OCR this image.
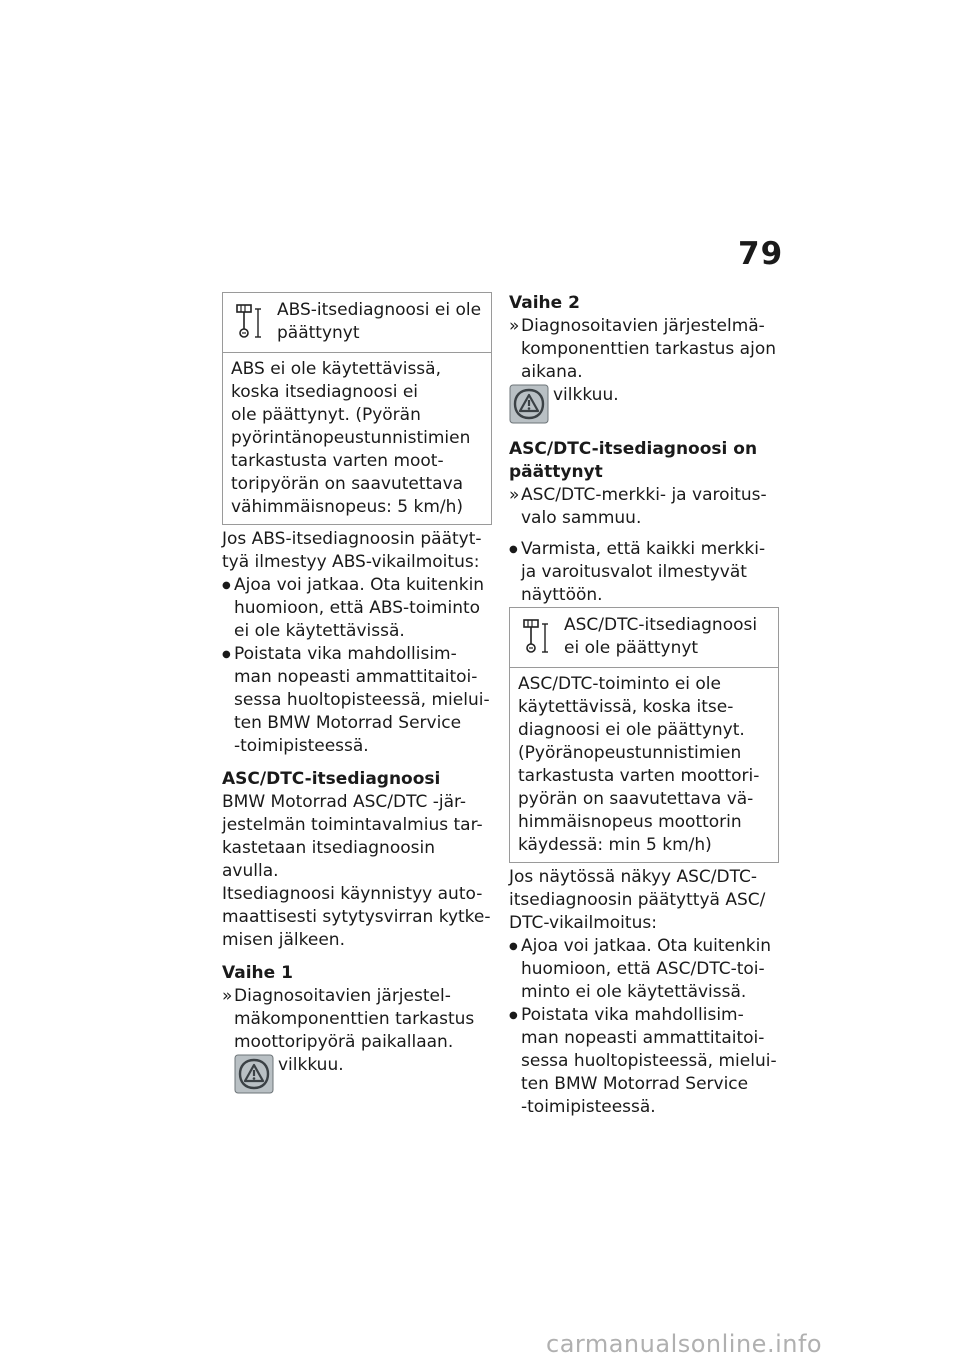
79
ABS-itsediagnoosi ei ole päättynyt
ABS ei ole käytettävissä,
koska itsediagnoosi ei
ole päättynyt. (Pyörän
pyörintänopeustunnistimien
tarkastusta varten moot-
toripyörän on saavutettava
vähimmäisnopeus: 5 km/h)
Jos ABS-itsediagnoosin päätyt-
tyä ilmestyy ABS-vikailmoitus:
● Ajoa voi jatkaa. Ota kuitenkin
huomioon, että ABS-toiminto
ei ole käytettävissä.
● Poistata vika mahdollisim-
man nopeasti ammattitaitoi-
sessa huoltopisteessä, mielui-
ten BMW Motorrad Service
-toimipisteessä.
ASC/DTC-itsediagnoosi
BMW Motorrad ASC/DTC -jär-
jestelmän toimintavalmius tar-
kastetaan itsediagnoosin avulla.
Itsediagnoosi käynnistyy auto-
maattisesti sytytysvirran kytke-
misen jälkeen.
Vaihe 1
» Diagnosoitavien järjestel-
mäkomponenttien tarkastus
moottoripyörä paikallaan.
vilkkuu.
Vaihe 2
» Diagnosoitavien järjestelmä-
komponenttien tarkastus ajon
aikana.
vilkkuu.
ASC/DTC-itsediagnoosi on
päättynyt
» ASC/DTC-merkki- ja varoitus-
valo sammuu.
● Varmista, että kaikki merkki-
ja varoitusvalot ilmestyvät
näyttöön.
ASC/DTC-itsediagnoosi ei ole päättynyt
ASC/DTC-toiminto ei ole
käytettävissä, koska itse-
diagnoosi ei ole päättynyt.
(Pyöränopeustunnistimien
tarkastusta varten moottori-
pyörän on saavutettava vä-
himmäisnopeus moottorin
käydessä: min 5 km/h)
Jos näytössä näkyy ASC/DTC-
itsediagnoosin päätyttyä ASC/
DTC-vikailmoitus:
● Ajoa voi jatkaa. Ota kuitenkin
huomioon, että ASC/DTC-toi-
minto ei ole käytettävissä.
● Poistata vika mahdollisim-
man nopeasti ammattitaitoi-
sessa huoltopisteessä, mielui-
ten BMW Motorrad Service
-toimipisteessä.
carmanualsonline.info
